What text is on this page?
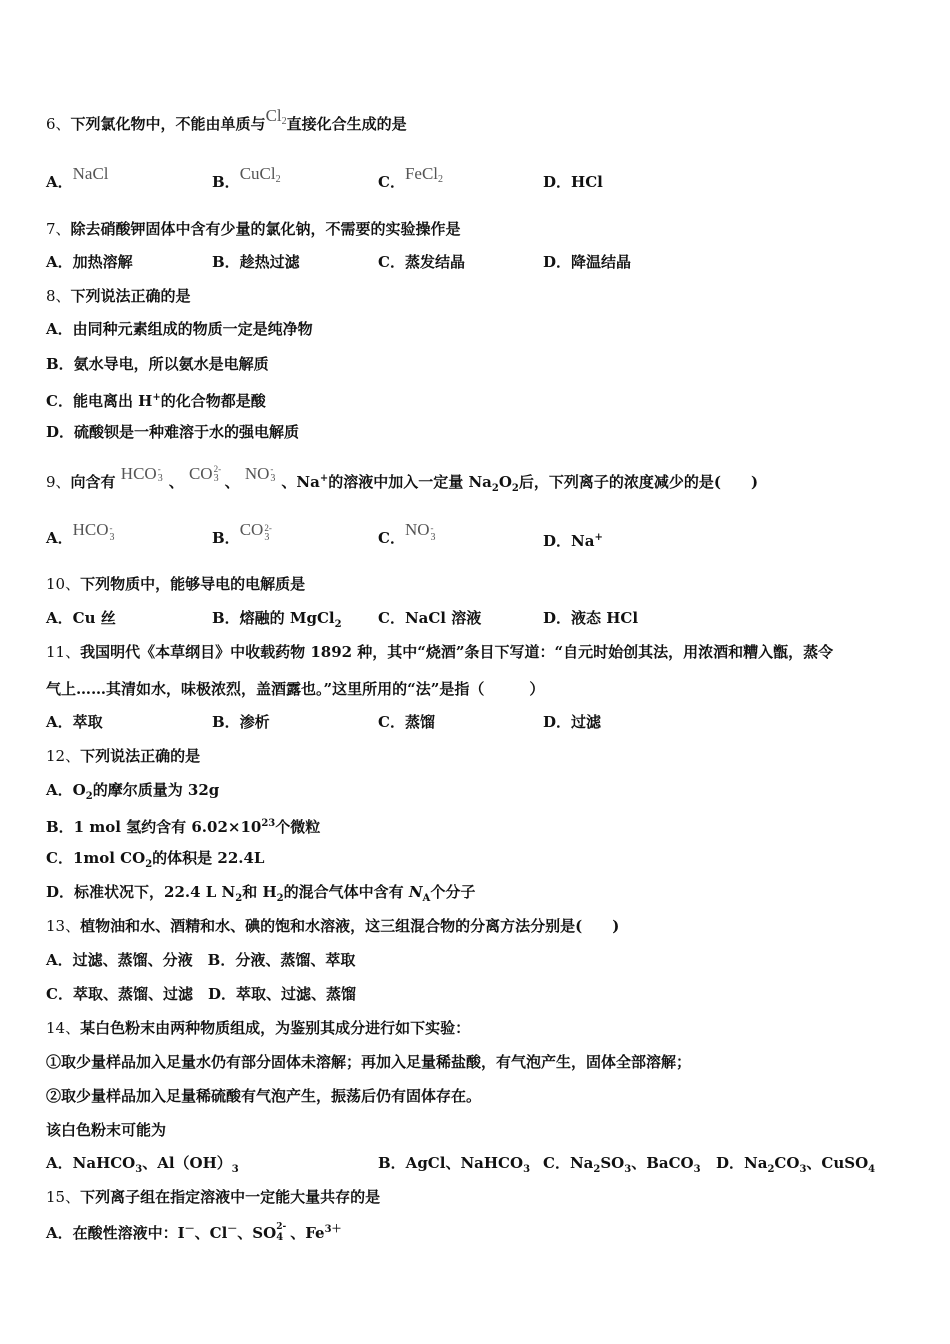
6、下列氯化物中，不能由单质与Cl2直接化合生成的是
A．NaCl	B．CuCl2	C．FeCl2	D．HCl
7、除去硝酸钾固体中含有少量的氯化钠，不需要的实验操作是
A．加热溶解	B．趁热过滤	C．蒸发结晶	D．降温结晶
8、下列说法正确的是
A．由同种元素组成的物质一定是纯净物
B．氨水导电，所以氨水是电解质
C．能电离出 H+的化合物都是酸
D．硫酸钡是一种难溶于水的强电解质
9、向含有 HCO -
3 、 CO 2-
3 、 NO -
3 、Na+的溶液中加入一定量 $Na_2O_2$后，下列离子的浓度减少的是(　　)
A．HCO -
3	B．CO 2-
3	C．NO -
3	D．Na+
10、下列物质中，能够导电的电解质是
A．Cu 丝	B．熔融的 MgCl$_2$ C．NaCl 溶液	D．液态 HCl
11、我国明代《本草纲目》中收载药物 1892 种，其中“烧酒”条目下写道：“自元时始创其法，用浓酒和糟入甑，蒸令
气上……其清如水，味极浓烈，盖酒露也。”这里所用的“法”是指（　　　）
A．萃取	B．渗析	C．蒸馏	D．过滤
12、下列说法正确的是
A．$O_2$的摩尔质量为 32g
B．1 mol 氢约含有 $6.02\times 10^{23}$个微粒
C．1mol $CO_2$的体积是 22.4L
D．标准状况下，22.4 L $N_2$和 $H_2$的混合气体中含有 $N_A$个分子
13、植物油和水、酒精和水、碘的饱和水溶液，这三组混合物的分离方法分别是(　　)
A．过滤、蒸馏、分液　B．分液、蒸馏、萃取
C．萃取、蒸馏、过滤　D．萃取、过滤、蒸馏
14、某白色粉末由两种物质组成，为鉴别其成分进行如下实验：
①取少量样品加入足量水仍有部分固体未溶解；再加入足量稀盐酸，有气泡产生，固体全部溶解；
②取少量样品加入足量稀硫酸有气泡产生，振荡后仍有固体存在。
该白色粉末可能为
A．NaHCO$_3$、$Al(OH)_3$	B．AgCl、NaHCO$_3$ C．$Na_2SO_3$、BaCO$_3$ D．$Na_2CO_3$、CuSO$_4$
15、下列离子组在指定溶液中一定能大量共存的是
A．在酸性溶液中：I－、Cl－、SO 2-
4 、$Fe^{3+}$
